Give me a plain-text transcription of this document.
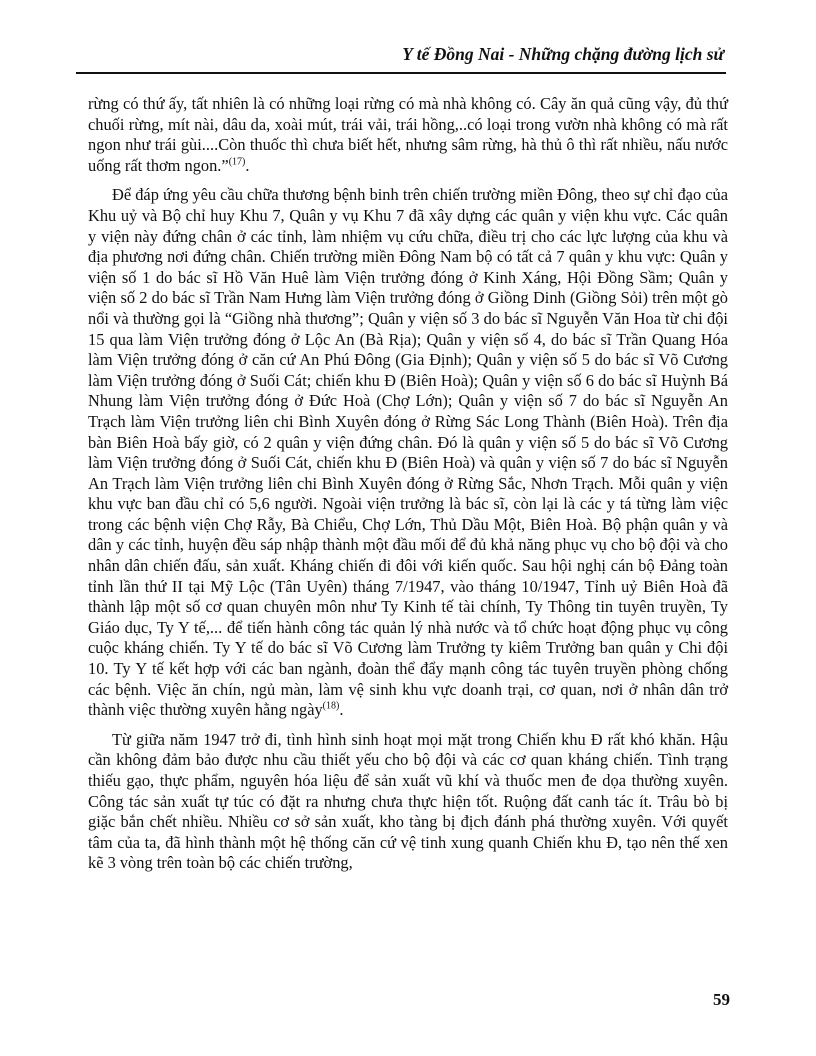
Y tế Đồng Nai - Những chặng đường lịch sử

rừng có thứ ấy, tất nhiên là có những loại rừng có mà nhà không có. Cây ăn quả cũng vậy, đủ thứ chuối rừng, mít nài, dâu da, xoài mút, trái vải, trái hồng,..có loại trong vườn nhà không có mà rất ngon như trái gùi....Còn thuốc thì chưa biết hết, nhưng sâm rừng, hà thủ ô thì rất nhiều, nấu nước uống rất thơm ngon.”$^{(17)}$.

Để đáp ứng yêu cầu chữa thương bệnh binh trên chiến trường miền Đông, theo sự chỉ đạo của Khu uỷ và Bộ chỉ huy Khu 7, Quân y vụ Khu 7 đã xây dựng các quân y viện khu vực. Các quân y viện này đứng chân ở các tỉnh, làm nhiệm vụ cứu chữa, điều trị cho các lực lượng của khu và địa phương nơi đứng chân. Chiến trường miền Đông Nam bộ có tất cả 7 quân y khu vực: Quân y viện số 1 do bác sĩ Hồ Văn Huê làm Viện trưởng đóng ở Kinh Xáng, Hội Đồng Sầm; Quân y viện số 2 do bác sĩ Trần Nam Hưng làm Viện trưởng đóng ở Giồng Dinh (Giồng Sỏi) trên một gò nổi và thường gọi là “Giồng nhà thương”; Quân y viện số 3 do bác sĩ Nguyễn Văn Hoa từ chi đội 15 qua làm Viện trưởng đóng ở Lộc An (Bà Rịa); Quân y viện số 4, do bác sĩ Trần Quang Hóa làm Viện trưởng đóng ở căn cứ An Phú Đông (Gia Định); Quân y viện số 5 do bác sĩ Võ Cương làm Viện trưởng đóng ở Suối Cát; chiến khu Đ (Biên Hoà); Quân y viện số 6 do bác sĩ Huỳnh Bá Nhung làm Viện trưởng đóng ở Đức Hoà (Chợ Lớn); Quân y viện số 7 do bác sĩ Nguyễn An Trạch làm Viện trưởng liên chi Bình Xuyên đóng ở Rừng Sác Long Thành (Biên Hoà). Trên địa bàn Biên Hoà bấy giờ, có 2 quân y viện đứng chân. Đó là quân y viện số 5 do bác sĩ Võ Cương làm Viện trưởng đóng ở Suối Cát, chiến khu Đ (Biên Hoà) và quân y viện số 7 do bác sĩ Nguyễn An Trạch làm Viện trưởng liên chi Bình Xuyên đóng ở Rừng Sắc, Nhơn Trạch. Mỗi quân y viện khu vực ban đầu chỉ có 5,6 người. Ngoài viện trưởng là bác sĩ, còn lại là các y tá từng làm việc trong các bệnh viện Chợ Rẫy, Bà Chiểu, Chợ Lớn, Thủ Dầu Một, Biên Hoà. Bộ phận quân y và dân y các tỉnh, huyện đều sáp nhập thành một đầu mối để đủ khả năng phục vụ cho bộ đội và cho nhân dân chiến đấu, sản xuất. Kháng chiến đi đôi với kiến quốc. Sau hội nghị cán bộ Đảng toàn tỉnh lần thứ II tại Mỹ Lộc (Tân Uyên) tháng 7/1947, vào tháng 10/1947, Tỉnh uỷ Biên Hoà đã thành lập một số cơ quan chuyên môn như Ty Kinh tế tài chính, Ty Thông tin tuyên truyền, Ty Giáo dục, Ty Y tế,... để tiến hành công tác quản lý nhà nước và tổ chức hoạt động phục vụ công cuộc kháng chiến. Ty Y tế do bác sĩ Võ Cương làm Trưởng ty kiêm Trưởng ban quân y Chi đội 10. Ty Y tế kết hợp với các ban ngành, đoàn thể đẩy mạnh công tác tuyên truyền phòng chống các bệnh. Việc ăn chín, ngủ màn, làm vệ sinh khu vực doanh trại, cơ quan, nơi ở nhân dân trở thành việc thường xuyên hằng ngày$^{(18)}$.

Từ giữa năm 1947 trở đi, tình hình sinh hoạt mọi mặt trong Chiến khu Đ rất khó khăn. Hậu cần không đảm bảo được nhu cầu thiết yếu cho bộ đội và các cơ quan kháng chiến. Tình trạng thiếu gạo, thực phẩm, nguyên hóa liệu để sản xuất vũ khí và thuốc men đe dọa thường xuyên. Công tác sản xuất tự túc có đặt ra nhưng chưa thực hiện tốt. Ruộng đất canh tác ít. Trâu bò bị giặc bắn chết nhiều. Nhiều cơ sở sản xuất, kho tàng bị địch đánh phá thường xuyên. Với quyết tâm của ta, đã hình thành một hệ thống căn cứ vệ tinh xung quanh Chiến khu Đ, tạo nên thế xen kẽ 3 vòng trên toàn bộ các chiến trường,

59
